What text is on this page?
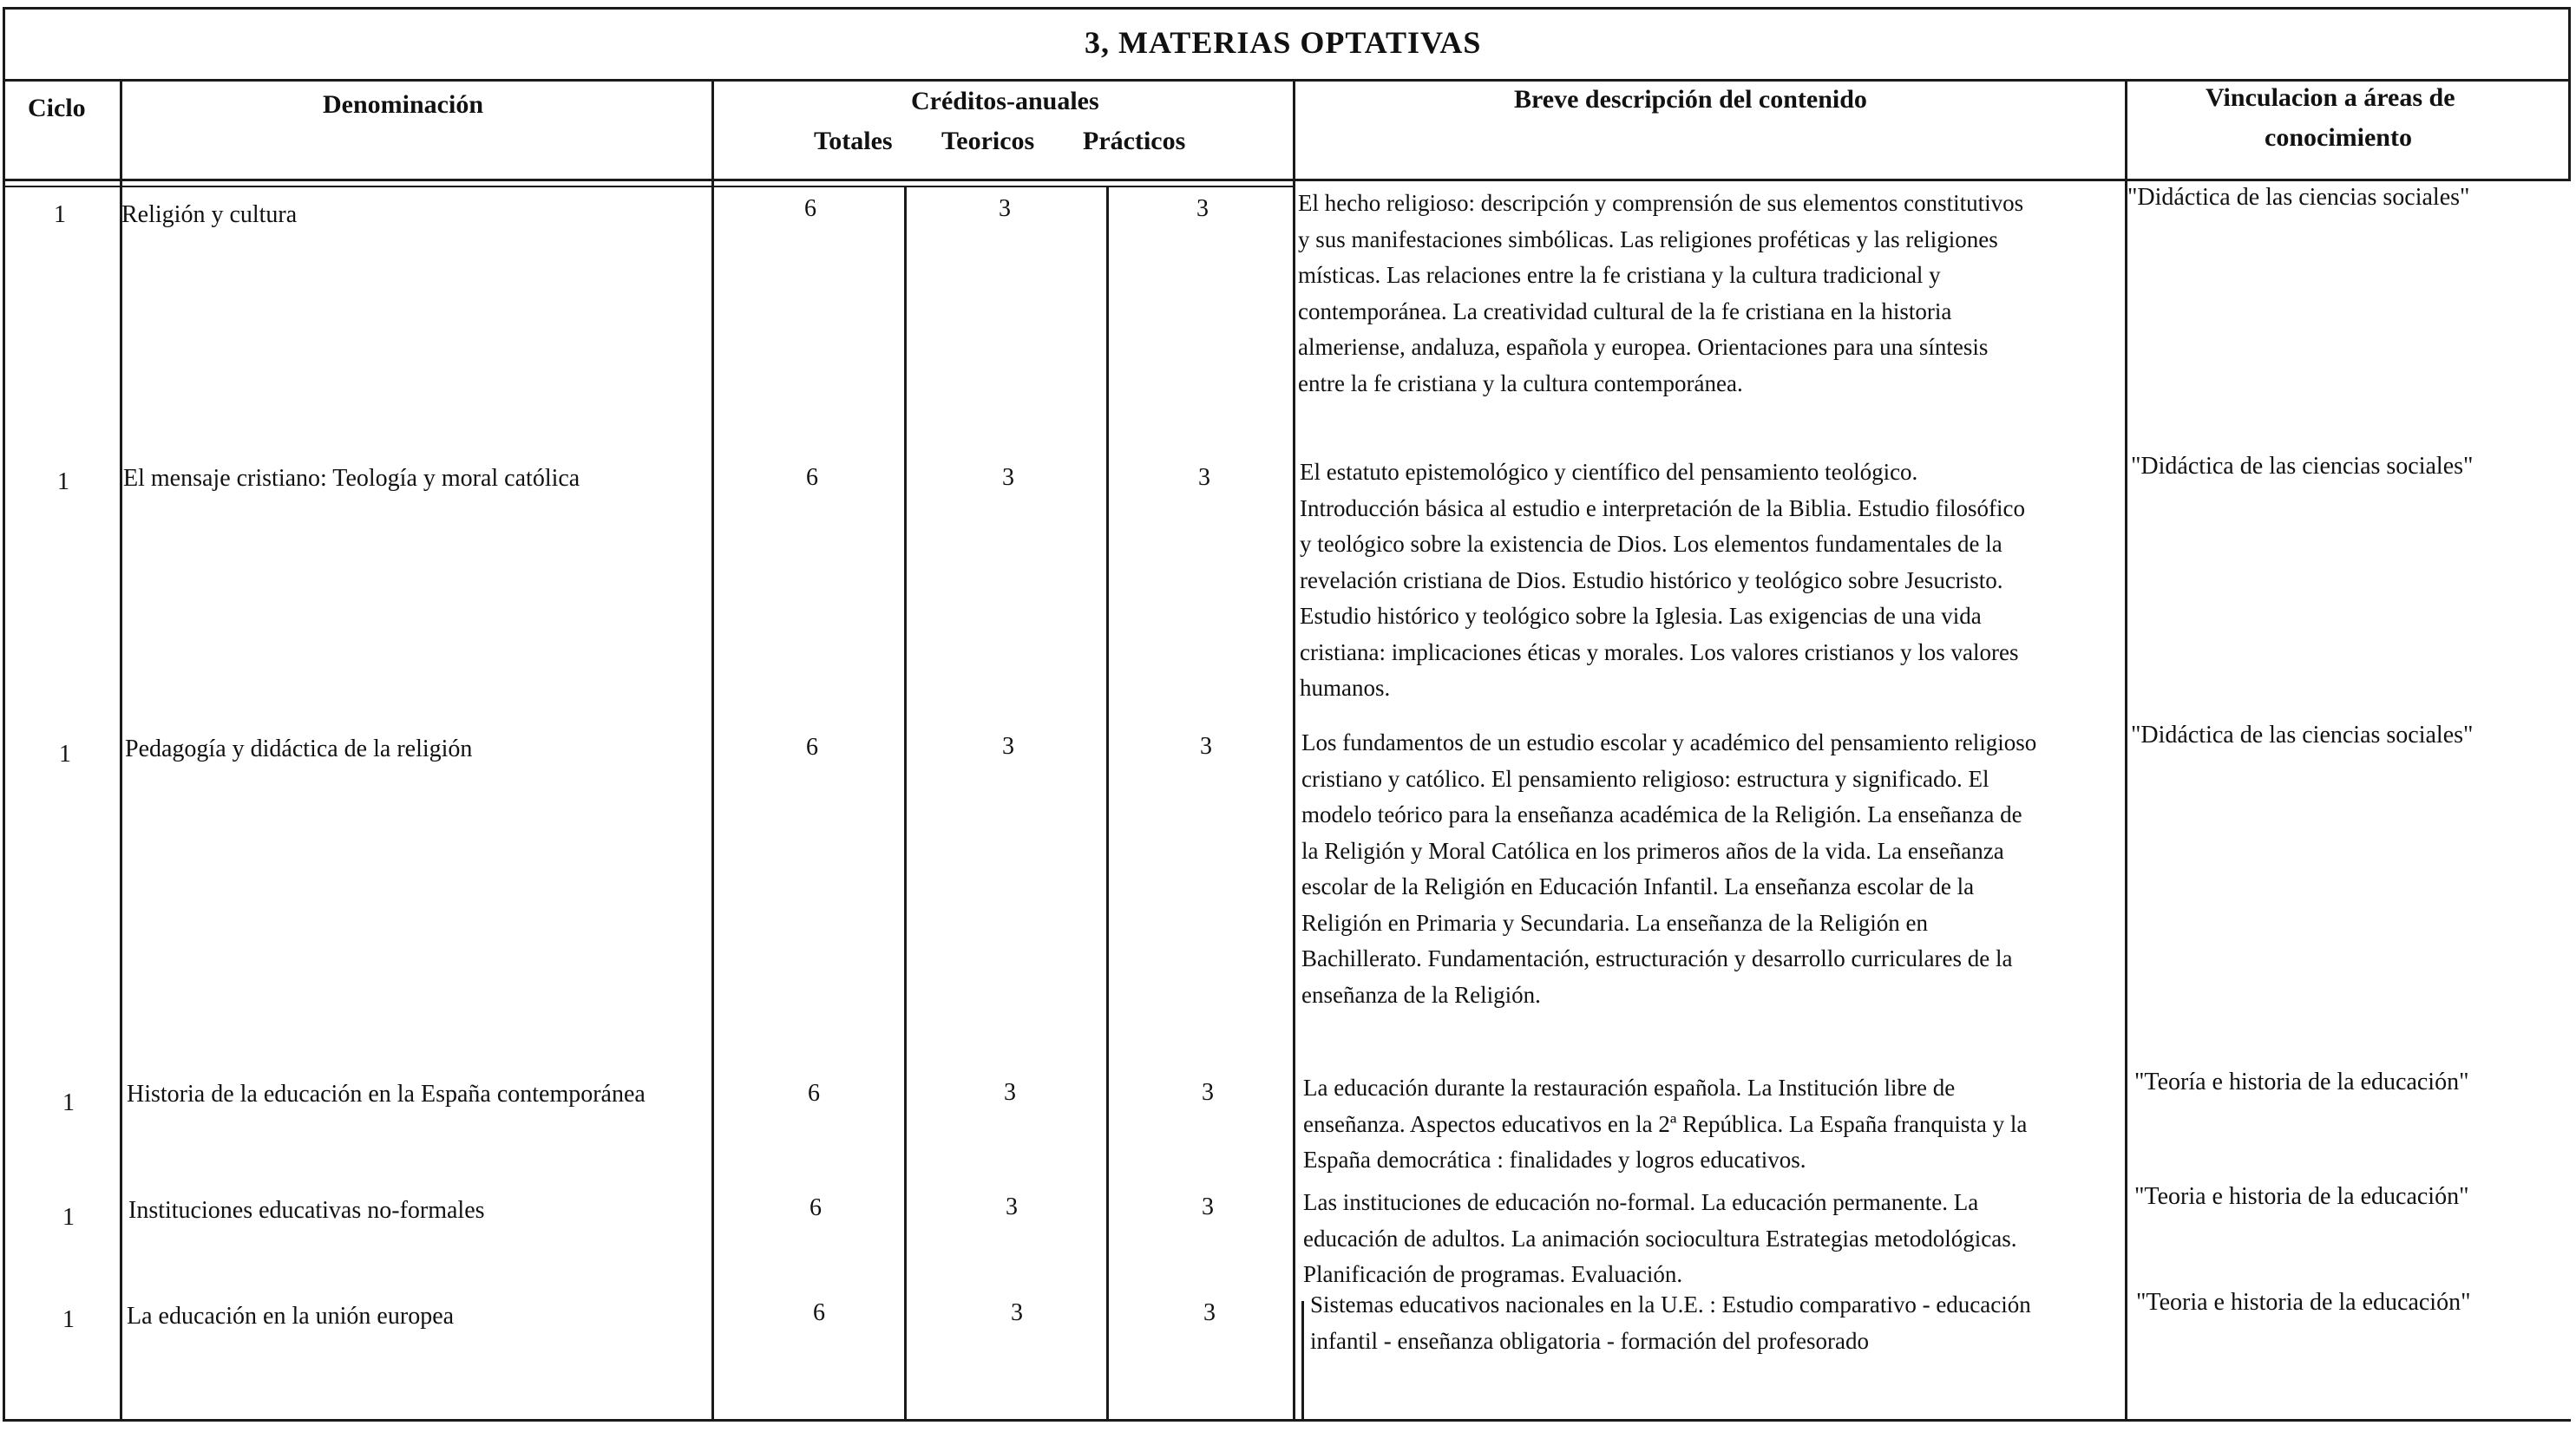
3, MATERIAS OPTATIVAS
Ciclo	Denominación	Créditos-anuales
Totales Teoricos Prácticos
Breve descripción del contenido	Vinculacion a áreas de
conocimiento
1 Religión y cultura	6	3	3	El hecho religioso: descripción y comprensión de sus elementos constitutivos
y sus manifestaciones simbólicas. Las religiones proféticas y las religiones
místicas. Las relaciones entre la fe cristiana y la cultura tradicional y
contemporánea. La creatividad cultural de la fe cristiana en la historia
almeriense, andaluza, española y europea. Orientaciones para una síntesis
entre la fe cristiana y la cultura contemporánea.
"Didáctica de las ciencias sociales"
1 El mensaje cristiano: Teología y moral católica	6	3	3	El estatuto epistemológico y científico del pensamiento teológico.
Introducción básica al estudio e interpretación de la Biblia. Estudio filosófico
y teológico sobre la existencia de Dios. Los elementos fundamentales de la
revelación cristiana de Dios. Estudio histórico y teológico sobre Jesucristo.
Estudio histórico y teológico sobre la Iglesia. Las exigencias de una vida
cristiana: implicaciones éticas y morales. Los valores cristianos y los valores
humanos.
"Didáctica de las ciencias sociales"
1 Pedagogía y didáctica de la religión	6	3	3	Los fundamentos de un estudio escolar y académico del pensamiento religioso
cristiano y católico. El pensamiento religioso: estructura y significado. El
modelo teórico para la enseñanza académica de la Religión. La enseñanza de
la Religión y Moral Católica en los primeros años de la vida. La enseñanza
escolar de la Religión en Educación Infantil. La enseñanza escolar de la
Religión en Primaria y Secundaria. La enseñanza de la Religión en
Bachillerato. Fundamentación, estructuración y desarrollo curriculares de la
enseñanza de la Religión.
"Didáctica de las ciencias sociales"
1 Historia de la educación en la España contemporánea	6	3	3	La educación durante la restauración española. La Institución libre de
enseñanza. Aspectos educativos en la 2ª República. La España franquista y la
España democrática : finalidades y logros educativos.
"Teoría e historia de la educación"
1 Instituciones educativas no-formales	6	3	3	Las instituciones de educación no-formal. La educación permanente. La
educación de adultos. La animación sociocultura Estrategias metodológicas.
Planificación de programas. Evaluación.
"Teoria e historia de la educación"
1 La educación en la unión europea	6	3	3	Sistemas educativos nacionales en la U.E. : Estudio comparativo - educación
infantil - enseñanza obligatoria - formación del profesorado
"Teoria e historia de la educación"
